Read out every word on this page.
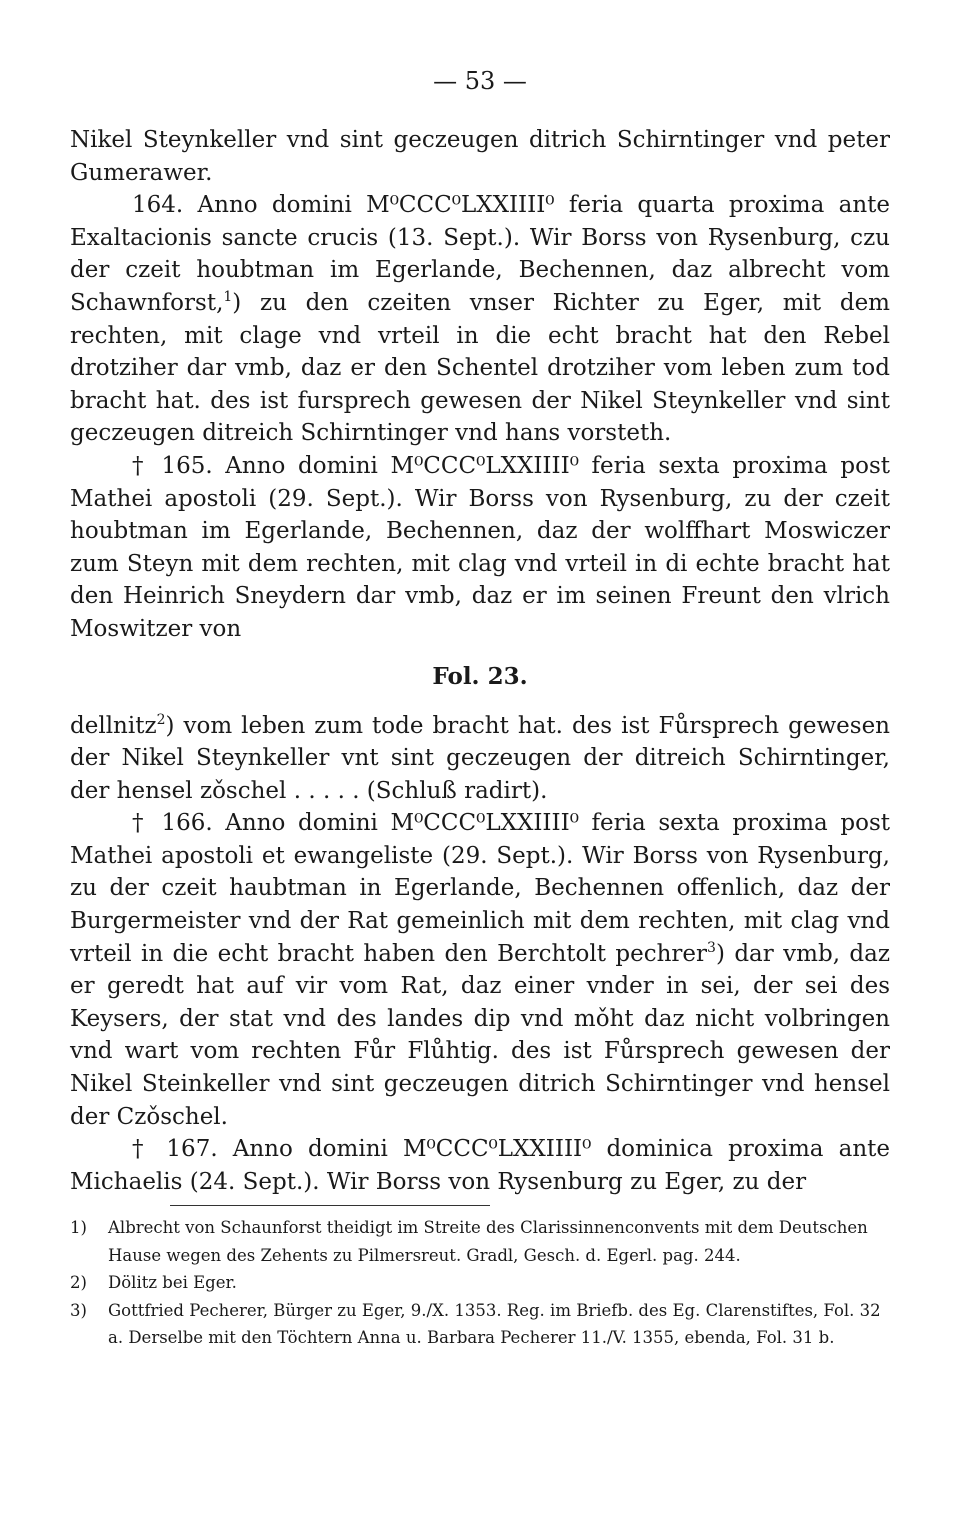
— 53 —

Nikel Steynkeller vnd sint geczeugen ditrich Schirntinger vnd peter Gumerawer.

164. Anno domini M⁰CCC⁰LXXIIII⁰ feria quarta proxima ante Exaltacionis sancte crucis (13. Sept.). Wir Borss von Rysenburg, czu der czeit houbtman im Egerlande, Bechennen, daz albrecht vom Schawnforst,$^1$) zu den czeiten vnser Richter zu Eger, mit dem rechten, mit clage vnd vrteil in die echt bracht hat den Rebel drotziher dar vmb, daz er den Schentel drotziher vom leben zum tod bracht hat. des ist fursprech gewesen der Nikel Steynkeller vnd sint geczeugen ditreich Schirntinger vnd hans vorsteth.

† 165. Anno domini M⁰CCC⁰LXXIIII⁰ feria sexta proxima post Mathei apostoli (29. Sept.). Wir Borss von Rysenburg, zu der czeit houbtman im Egerlande, Bechennen, daz der wolffhart Moswiczer zum Steyn mit dem rechten, mit clag vnd vrteil in di echte bracht hat den Heinrich Sneydern dar vmb, daz er im seinen Freunt den vlrich Moswitzer von

Fol. 23.

dellnitz$^2$) vom leben zum tode bracht hat. des ist Fůrsprech gewesen der Nikel Steynkeller vnt sint geczeugen der ditreich Schirntinger, der hensel zǒschel . . . . . (Schluß radirt).

† 166. Anno domini M⁰CCC⁰LXXIIII⁰ feria sexta proxima post Mathei apostoli et ewangeliste (29. Sept.). Wir Borss von Rysenburg, zu der czeit haubtman in Egerlande, Bechennen offenlich, daz der Burgermeister vnd der Rat gemeinlich mit dem rechten, mit clag vnd vrteil in die echt bracht haben den Berchtolt pechrer$^3$) dar vmb, daz er geredt hat auf vir vom Rat, daz einer vnder in sei, der sei des Keysers, der stat vnd des landes dip vnd mǒht daz nicht volbringen vnd wart vom rechten Fůr Flůhtig. des ist Fůrsprech gewesen der Nikel Steinkeller vnd sint geczeugen ditrich Schirntinger vnd hensel der Czǒschel.

† 167. Anno domini M⁰CCC⁰LXXIIII⁰ dominica proxima ante Michaelis (24. Sept.). Wir Borss von Rysenburg zu Eger, zu der

1) Albrecht von Schaunforst theidigt im Streite des Clarissinnenconvents mit dem Deutschen Hause wegen des Zehents zu Pilmersreut. Gradl, Gesch. d. Egerl. pag. 244.

2) Dölitz bei Eger.

3) Gottfried Pecherer, Bürger zu Eger, 9./X. 1353. Reg. im Briefb. des Eg. Clarenstiftes, Fol. 32 a. Derselbe mit den Töchtern Anna u. Barbara Pecherer 11./V. 1355, ebenda, Fol. 31 b.
